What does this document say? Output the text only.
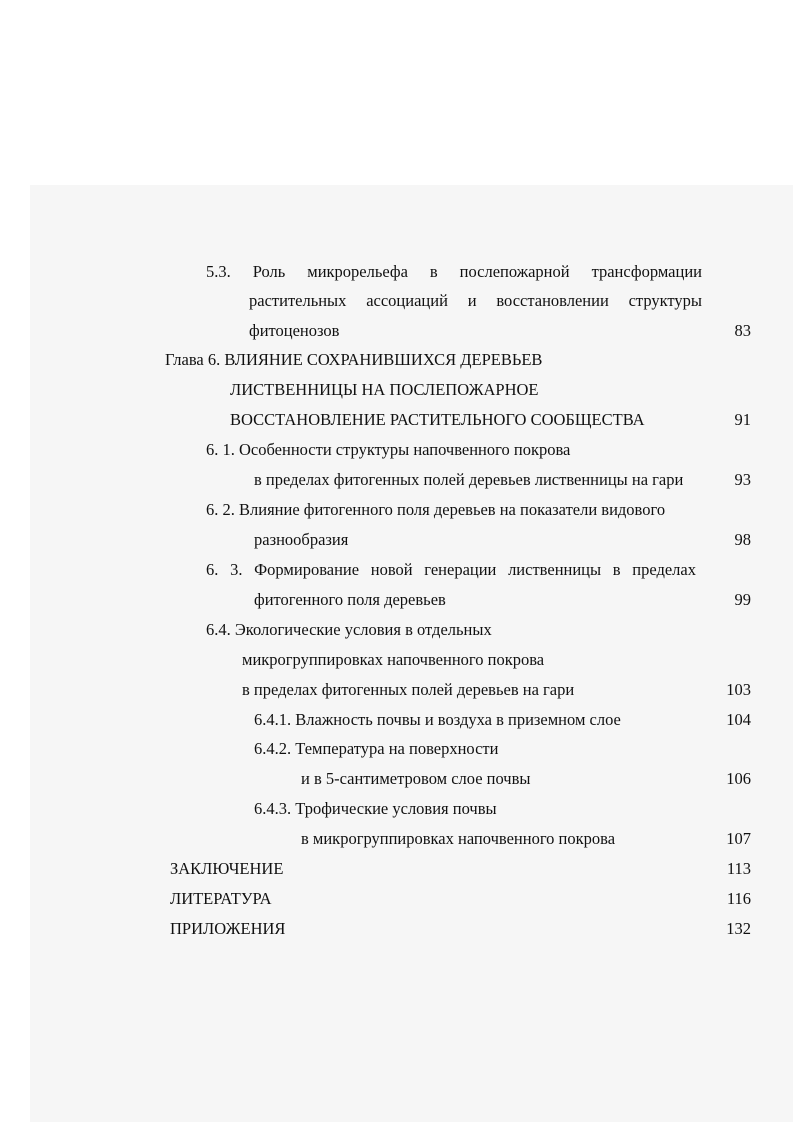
5.3. Роль микрорельефа в послепожарной трансформации
растительных ассоциаций и восстановлении структуры
фитоценозов	83
Глава 6. ВЛИЯНИЕ СОХРАНИВШИХСЯ ДЕРЕВЬЕВ
ЛИСТВЕННИЦЫ НА ПОСЛЕПОЖАРНОЕ
ВОССТАНОВЛЕНИЕ РАСТИТЕЛЬНОГО СООБЩЕСТВА	91
6. 1. Особенности структуры напочвенного покрова
в пределах фитогенных полей деревьев лиственницы на гари	93
6. 2. Влияние фитогенного поля деревьев на показатели видового
разнообразия	98
6. 3. Формирование новой генерации лиственницы в пределах
фитогенного поля деревьев	99
6.4. Экологические условия в отдельных
микрогруппировках напочвенного покрова
в пределах фитогенных полей деревьев на гари	103
6.4.1. Влажность почвы и воздуха в приземном слое	104
6.4.2. Температура на поверхности
и в 5-сантиметровом слое почвы	106
6.4.3. Трофические условия почвы
в микрогруппировках напочвенного покрова	107
ЗАКЛЮЧЕНИЕ	113
ЛИТЕРАТУРА	116
ПРИЛОЖЕНИЯ	132
